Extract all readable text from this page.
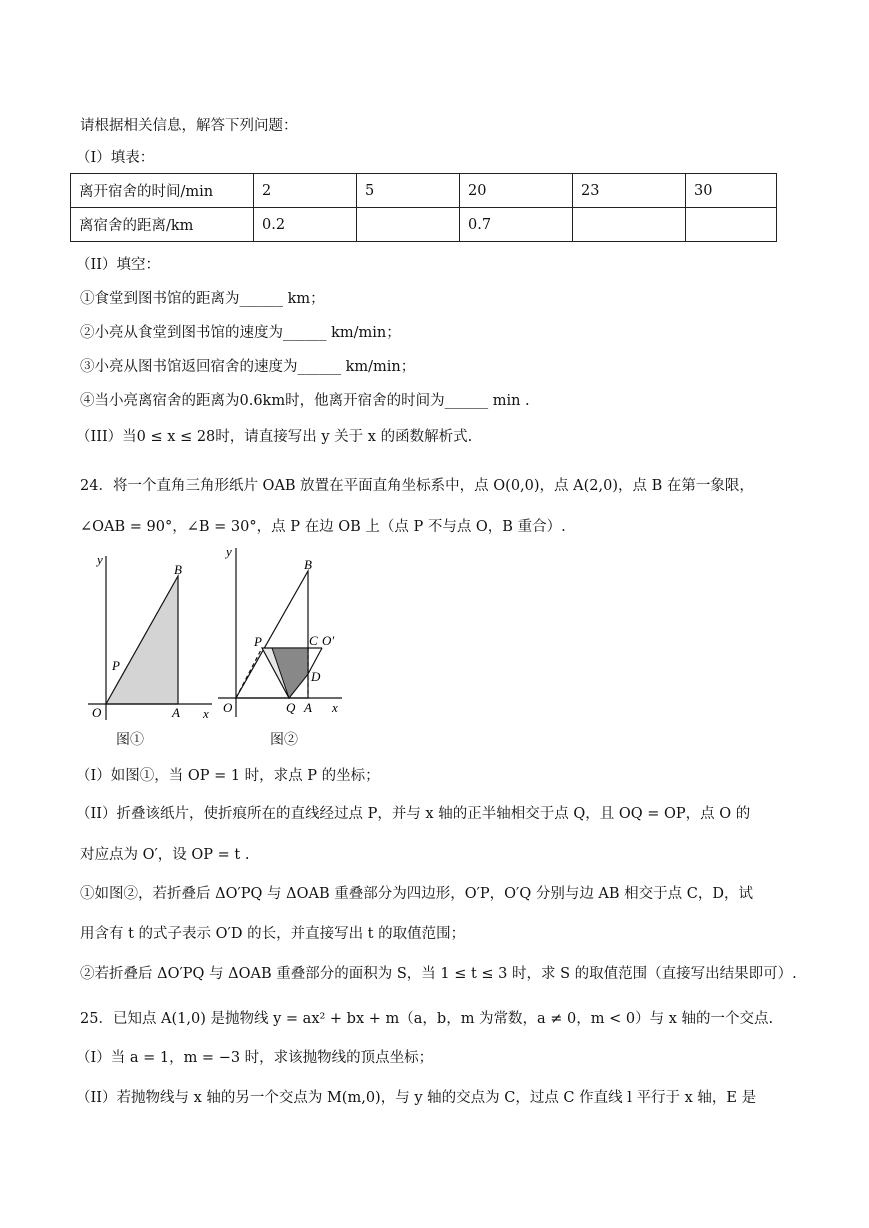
请根据相关信息，解答下列问题：
（I）填表：
离开宿舍的时间/min	2	5	20	23	30
离宿舍的距离/km	0.2		0.7		
（II）填空：
①食堂到图书馆的距离为______ km；
②小亮从食堂到图书馆的速度为______ km/min；
③小亮从图书馆返回宿舍的速度为______ km/min；
④当小亮离宿舍的距离为0.6km时，他离开宿舍的时间为______ min .
（III）当0 ≤ x ≤ 28时，请直接写出 y 关于 x 的函数解析式.
24．将一个直角三角形纸片 OAB 放置在平面直角坐标系中，点 O(0,0)，点 A(2,0)，点 B 在第一象限，
∠OAB = 90°，∠B = 30°，点 P 在边 OB 上（点 P 不与点 O，B 重合）.
y
B
P
O	A x
图①
y
B
P	C O′
D
O	Q A x
图②
（I）如图①，当 OP = 1 时，求点 P 的坐标；
（II）折叠该纸片，使折痕所在的直线经过点 P，并与 x 轴的正半轴相交于点 Q，且 OQ = OP，点 O 的
对应点为 O′，设 OP = t .
①如图②，若折叠后 ΔO′PQ 与 ΔOAB 重叠部分为四边形，O′P，O′Q 分别与边 AB 相交于点 C，D，试
用含有 t 的式子表示 O′D 的长，并直接写出 t 的取值范围；
②若折叠后 ΔO′PQ 与 ΔOAB 重叠部分的面积为 S，当 1 ≤ t ≤ 3 时，求 S 的取值范围（直接写出结果即可）.
25．已知点 A(1,0) 是抛物线 y = ax² + bx + m（a，b，m 为常数，a ≠ 0，m < 0）与 x 轴的一个交点.
（I）当 a = 1，m = −3 时，求该抛物线的顶点坐标；
（II）若抛物线与 x 轴的另一个交点为 M(m,0)，与 y 轴的交点为 C，过点 C 作直线 l 平行于 x 轴，E 是
